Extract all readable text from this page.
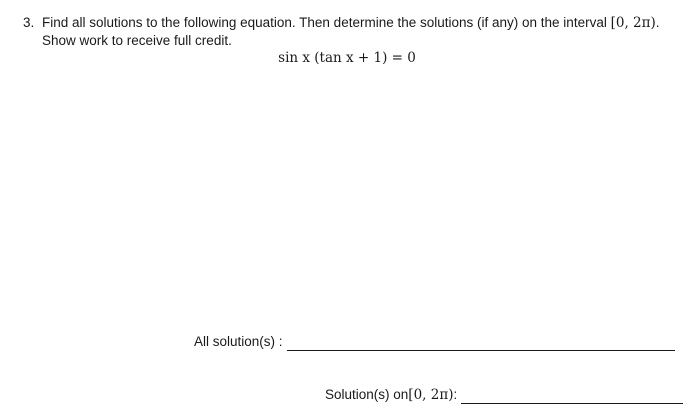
3. Find all solutions to the following equation. Then determine the solutions (if any) on the interval [0, 2π).
Show work to receive full credit.
sin x (tan x + 1) = 0
All solution(s) :
Solution(s) on [0, 2π) :
